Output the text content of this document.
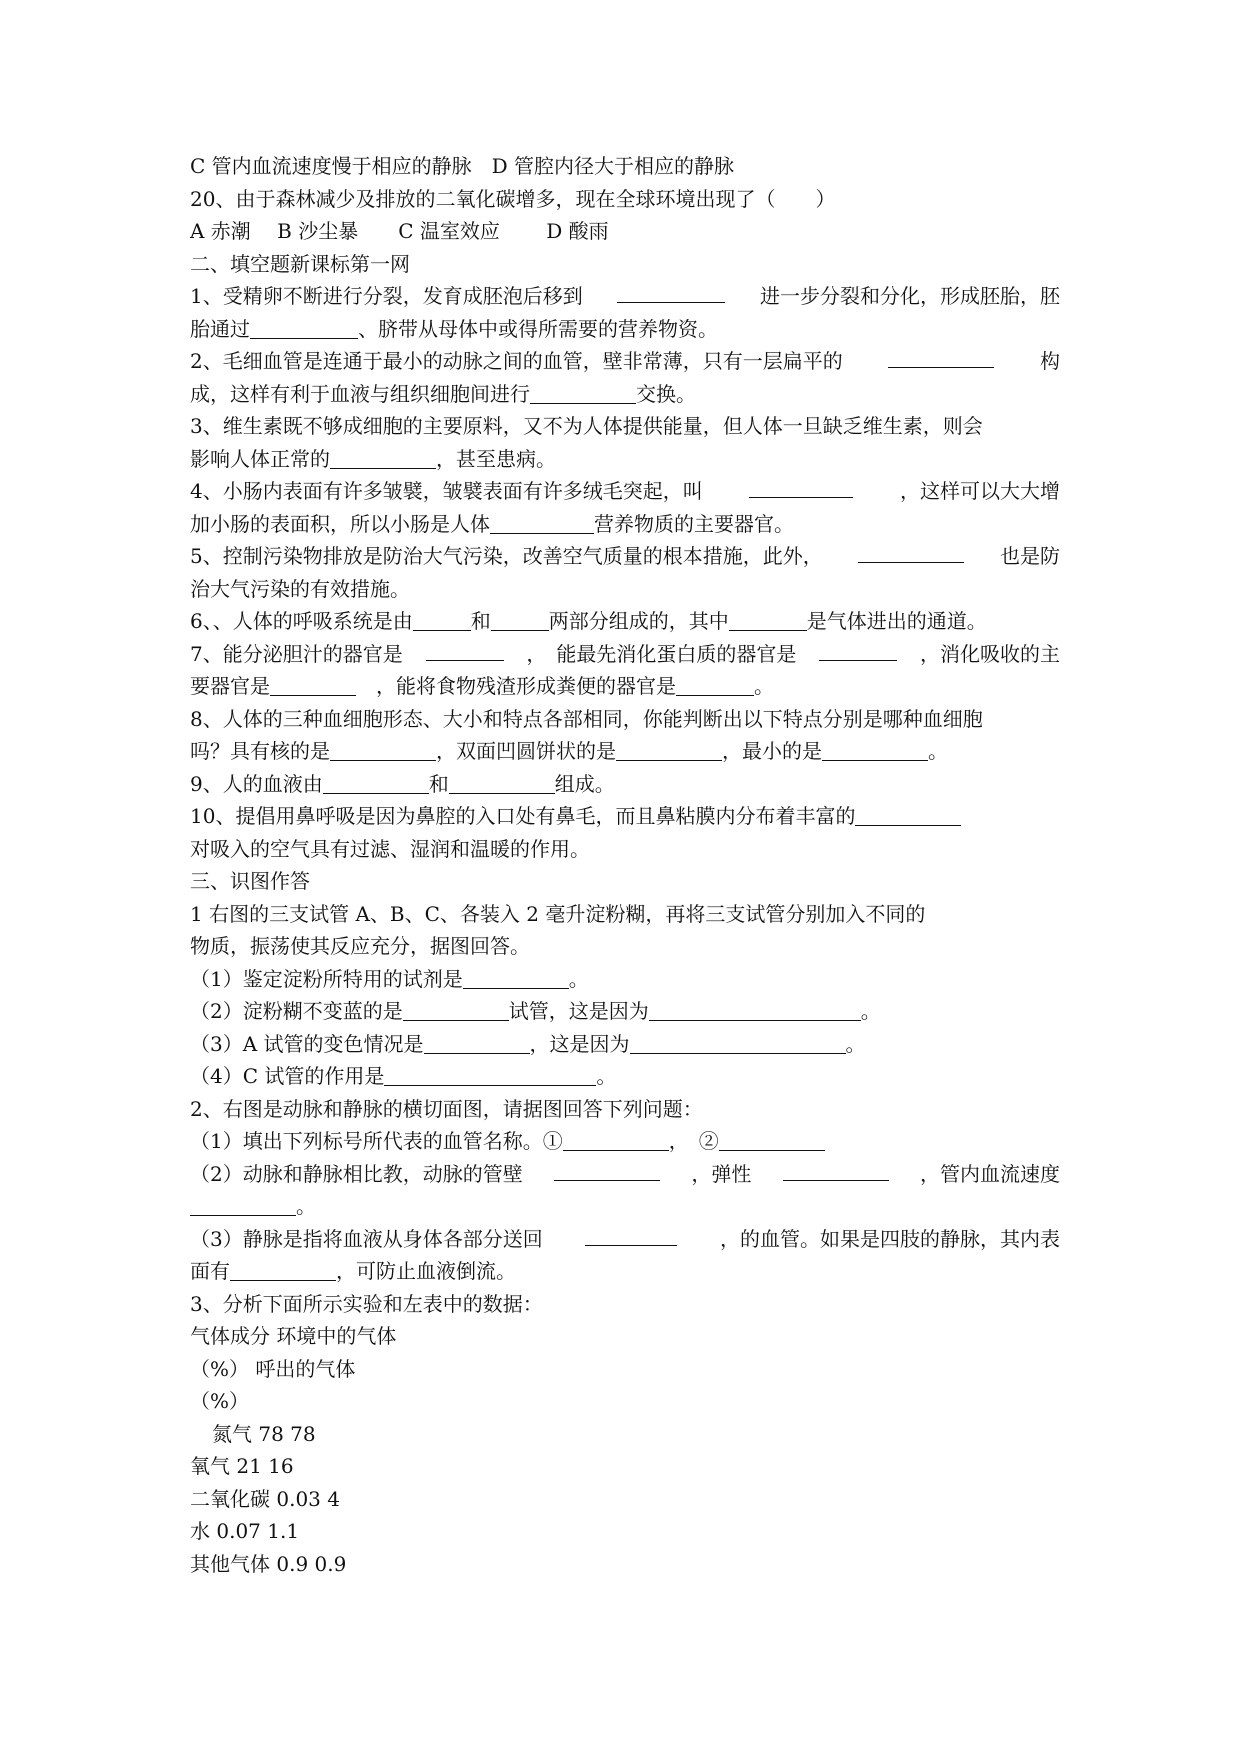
C 管内血流速度慢于相应的静脉　D 管腔内径大于相应的静脉
20、由于森林减少及排放的二氧化碳增多，现在全球环境出现了（　　）
A 赤潮　 B 沙尘暴　　C 温室效应　　 D 酸雨
二、填空题新课标第一网
1、受精卵不断进行分裂，发育成胚泡后移到	进一步分裂和分化，形成胚胎，胚
胎通过	、脐带从母体中或得所需要的营养物资。
2、毛细血管是连通于最小的动脉之间的血管，壁非常薄，只有一层扁平的	构
成，这样有利于血液与组织细胞间进行	交换。
3、维生素既不够成细胞的主要原料，又不为人体提供能量，但人体一旦缺乏维生素，则会
影响人体正常的	，甚至患病。
4、小肠内表面有许多皱襞，皱襞表面有许多绒毛突起，叫	，这样可以大大增
加小肠的表面积，所以小肠是人体	营养物质的主要器官。
5、控制污染物排放是防治大气污染，改善空气质量的根本措施，此外，	也是防
治大气污染的有效措施。
6、、人体的呼吸系统是由	和	两部分组成的，其中	是气体进出的通道。
7、能分泌胆汁的器官是	，　能最先消化蛋白质的器官是	，消化吸收的主
要器官是	　，能将食物残渣形成粪便的器官是	。
8、人体的三种血细胞形态、大小和特点各部相同，你能判断出以下特点分别是哪种血细胞
吗？具有核的是	，双面凹圆饼状的是	，最小的是	。
9、人的血液由	和	组成。
10、提倡用鼻呼吸是因为鼻腔的入口处有鼻毛，而且鼻粘膜内分布着丰富的
对吸入的空气具有过滤、湿润和温暖的作用。
三、识图作答
1 右图的三支试管 A、B、C、各装入 2 毫升淀粉糊，再将三支试管分别加入不同的
物质，振荡使其反应充分，据图回答。
（1）鉴定淀粉所特用的试剂是	。
（2）淀粉糊不变蓝的是	试管，这是因为	。
（3）A 试管的变色情况是	，这是因为	。
（4）C 试管的作用是	。
2、右图是动脉和静脉的横切面图，请据图回答下列问题：
（1）填出下列标号所代表的血管名称。①	，　②
（2）动脉和静脉相比教，动脉的管壁	，弹性	，管内血流速度
。
（3）静脉是指将血液从身体各部分送回	，的血管。如果是四肢的静脉，其内表
面有	，可防止血液倒流。
3、分析下面所示实验和左表中的数据：
气体成分 环境中的气体
（%） 呼出的气体
（%）
氮气 78 78
氧气 21 16
二氧化碳 0.03 4
水 0.07 1.1
其他气体 0.9 0.9
